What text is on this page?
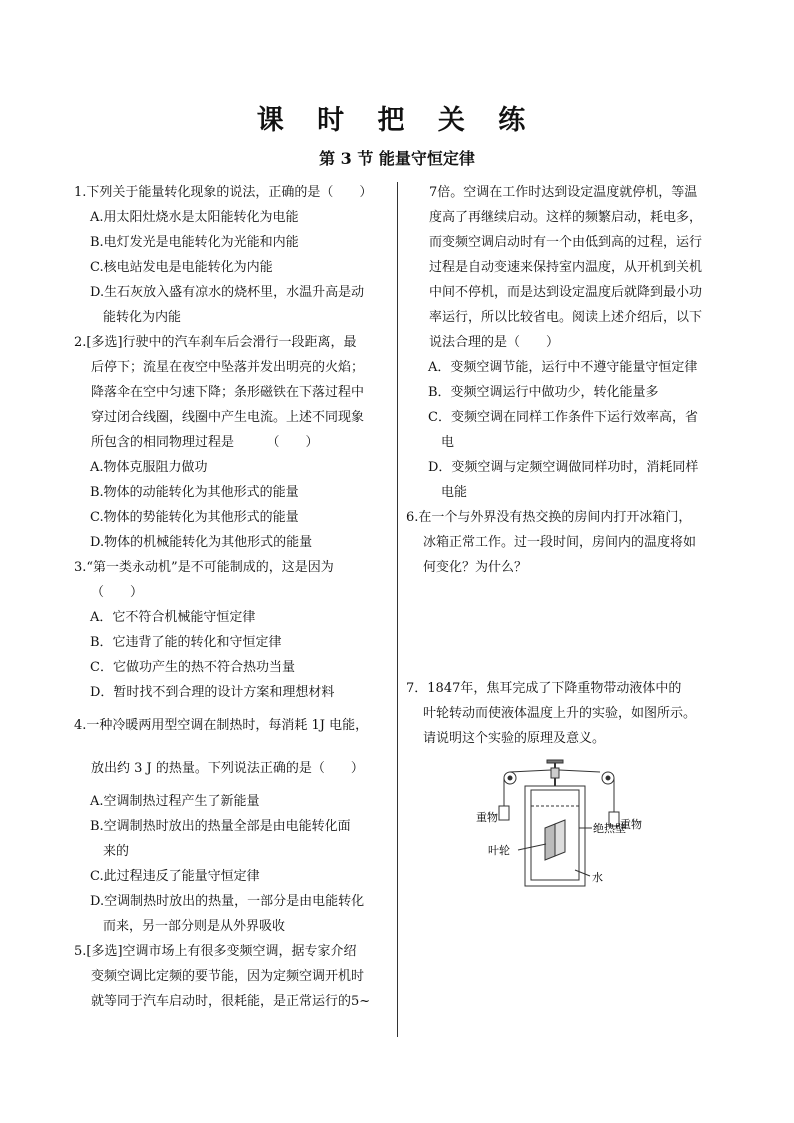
课 时 把 关 练
第 3 节 能量守恒定律
1.下列关于能量转化现象的说法，正确的是（　　）
A.用太阳灶烧水是太阳能转化为电能
B.电灯发光是电能转化为光能和内能
C.核电站发电是电能转化为内能
D.生石灰放入盛有凉水的烧杯里，水温升高是动
能转化为内能
2.[多选]行驶中的汽车刹车后会滑行一段距离，最
后停下；流星在夜空中坠落并发出明亮的火焰；
降落伞在空中匀速下降；条形磁铁在下落过程中
穿过闭合线圈，线圈中产生电流。上述不同现象
所包含的相同物理过程是　　　（　　）
A.物体克服阻力做功
B.物体的动能转化为其他形式的能量
C.物体的势能转化为其他形式的能量
D.物体的机械能转化为其他形式的能量
3.“第一类永动机”是不可能制成的，这是因为
（　　）
A．它不符合机械能守恒定律
B．它违背了能的转化和守恒定律
C．它做功产生的热不符合热功当量
D．暂时找不到合理的设计方案和理想材料
4.一种冷暖两用型空调在制热时，每消耗 1J 电能，
放出约 3 J 的热量。下列说法正确的是（　　）
A.空调制热过程产生了新能量
B.空调制热时放出的热量全部是由电能转化面
来的
C.此过程违反了能量守恒定律
D.空调制热时放出的热量，一部分是由电能转化
而来，另一部分则是从外界吸收
5.[多选]空调市场上有很多变频空调，据专家介绍
变频空调比定频的要节能，因为定频空调开机时
就等同于汽车启动时，很耗能，是正常运行的5~
7倍。空调在工作时达到设定温度就停机，等温
度高了再继续启动。这样的频繁启动，耗电多，
而变频空调启动时有一个由低到高的过程，运行
过程是自动变速来保持室内温度，从开机到关机
中间不停机，而是达到设定温度后就降到最小功
率运行，所以比较省电。阅读上述介绍后，以下
说法合理的是（　　）
A．变频空调节能，运行中不遵守能量守恒定律
B．变频空调运行中做功少，转化能量多
C．变频空调在同样工作条件下运行效率高，省
电
D．变频空调与定频空调做同样功时，消耗同样
电能
6.在一个与外界没有热交换的房间内打开冰箱门，
冰箱正常工作。过一段时间，房间内的温度将如
何变化？为什么？
7．1847年，焦耳完成了下降重物带动液体中的
叶轮转动而使液体温度上升的实验，如图所示。
请说明这个实验的原理及意义。
重物
重物
绝热壁
叶轮
水
